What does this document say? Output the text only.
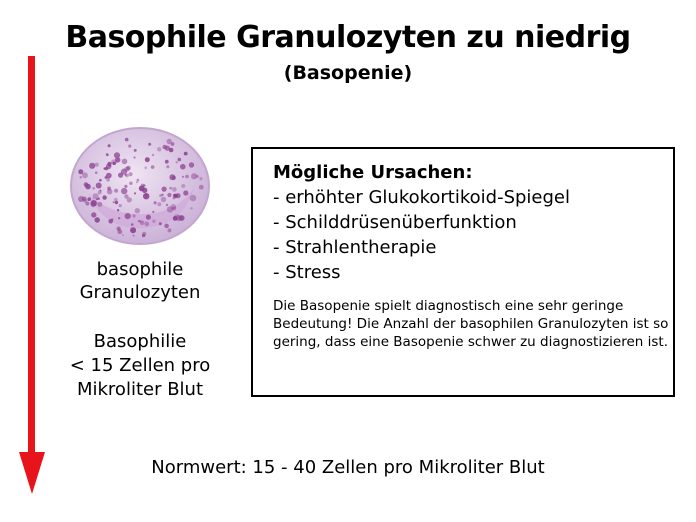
Basophile Granulozyten zu niedrig
(Basopenie)
basophile
Granulozyten
Basophilie
< 15 Zellen pro
Mikroliter Blut
Mögliche Ursachen:
- erhöhter Glukokortikoid-Spiegel
- Schilddrüsenüberfunktion
- Strahlentherapie
- Stress
Die Basopenie spielt diagnostisch eine sehr geringe Bedeutung! Die Anzahl der basophilen Granulozyten ist so gering, dass eine Basopenie schwer zu diagnostizieren ist.
Normwert: 15 - 40 Zellen pro Mikroliter Blut
